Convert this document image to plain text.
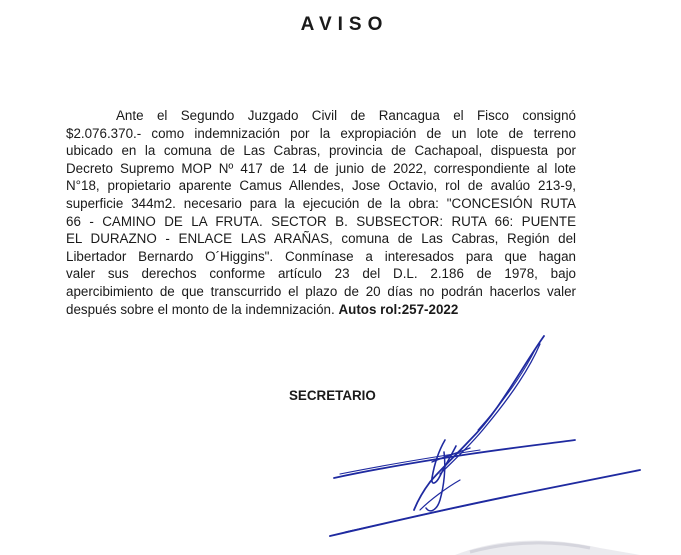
AVISO
Ante el Segundo Juzgado Civil de Rancagua el Fisco consignó
$2.076.370.- como indemnización por la expropiación de un lote de terreno
ubicado en la comuna de Las Cabras, provincia de Cachapoal, dispuesta por
Decreto Supremo MOP Nº 417 de 14 de junio de 2022, correspondiente al lote
N°18, propietario aparente Camus Allendes, Jose Octavio, rol de avalúo 213-9,
superficie 344m2. necesario para la ejecución de la obra: "CONCESIÓN RUTA
66 - CAMINO DE LA FRUTA. SECTOR B. SUBSECTOR: RUTA 66: PUENTE
EL DURAZNO - ENLACE LAS ARAÑAS, comuna de Las Cabras, Región del
Libertador Bernardo O´Higgins". Conmínase a interesados para que hagan
valer sus derechos conforme artículo 23 del D.L. 2.186 de 1978, bajo
apercibimiento de que transcurrido el plazo de 20 días no podrán hacerlos valer
después sobre el monto de la indemnización. Autos rol:257-2022
SECRETARIO
